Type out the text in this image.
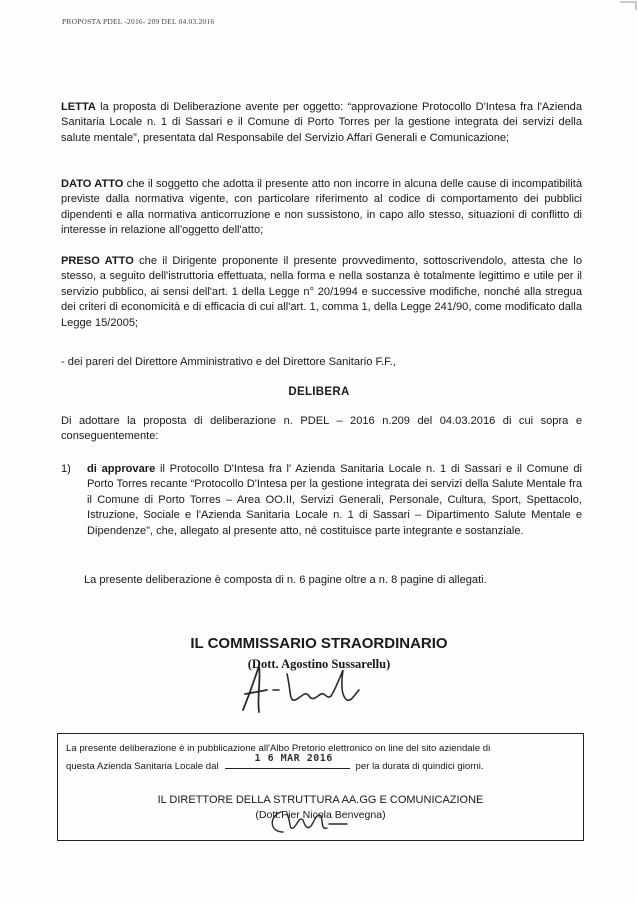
PROPOSTA PDEL -2016- 209 DEL 04.03.2016
LETTA la proposta di Deliberazione avente per oggetto: “approvazione Protocollo D'Intesa fra l'Azienda Sanitaria Locale n. 1 di Sassari e il Comune di Porto Torres per la gestione integrata dei servizi della salute mentale”, presentata dal Responsabile del Servizio Affari Generali e Comunicazione;
DATO ATTO che il soggetto che adotta il presente atto non incorre in alcuna delle cause di incompatibilità previste dalla normativa vigente, con particolare riferimento al codice di comportamento dei pubblici dipendenti e alla normativa anticorruzione e non sussistono, in capo allo stesso, situazioni di conflitto di interesse in relazione all'oggetto dell'atto;
PRESO ATTO che il Dirigente proponente il presente provvedimento, sottoscrivendolo, attesta che lo stesso, a seguito dell'istruttoria effettuata, nella forma e nella sostanza è totalmente legittimo e utile per il servizio pubblico, ai sensi dell'art. 1 della Legge n° 20/1994 e successive modifiche, nonché alla stregua dei criteri di economicità e di efficacia di cui all'art. 1, comma 1, della Legge 241/90, come modificato dalla Legge 15/2005;
- dei pareri del Direttore Amministrativo e del Direttore Sanitario F.F.,
DELIBERA
Di adottare la proposta di deliberazione n. PDEL – 2016 n.209 del 04.03.2016 di cui sopra e conseguentemente:
1) di approvare il Protocollo D'Intesa fra l' Azienda Sanitaria Locale n. 1 di Sassari e il Comune di Porto Torres recante “Protocollo D'Intesa per la gestione integrata dei servizi della Salute Mentale fra il Comune di Porto Torres – Area OO.II, Servizi Generali, Personale, Cultura, Sport, Spettacolo, Istruzione, Sociale e l'Azienda Sanitaria Locale n. 1 di Sassari – Dipartimento Salute Mentale e Dipendenze”, che, allegato al presente atto, né costituisce parte integrante e sostanziale.
La presente deliberazione è composta di n. 6 pagine oltre a n. 8 pagine di allegati.
IL COMMISSARIO STRAORDINARIO
(Dott. Agostino Sussarellu)
La presente deliberazione è in pubblicazione all'Albo Pretorio elettronico on line del sito aziendale di
questa Azienda Sanitaria Locale dal
1 6 MAR 2016
per la durata di quindici giorni.
IL DIRETTORE DELLA STRUTTURA AA.GG E COMUNICAZIONE
(Dott.Pier Nicola Benvegna)
